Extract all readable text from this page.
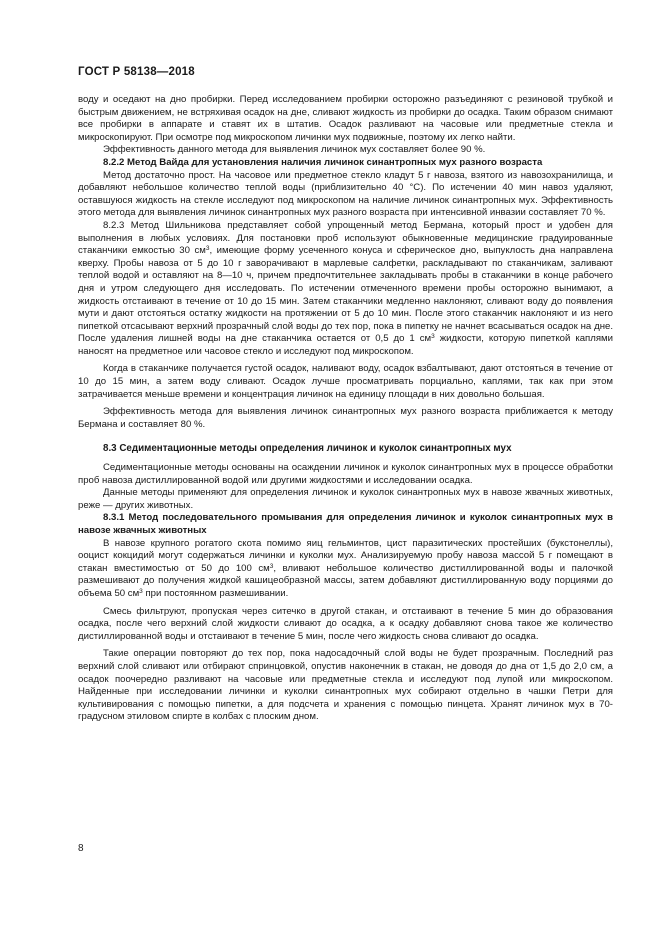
ГОСТ Р 58138—2018

воду и оседают на дно пробирки. Перед исследованием пробирки осторожно разъединяют с резиновой трубкой и быстрым движением, не встряхивая осадок на дне, сливают жидкость из пробирки до осадка. Таким образом снимают все пробирки в аппарате и ставят их в штатив. Осадок разливают на часовые или предметные стекла и микроскопируют. При осмотре под микроскопом личинки мух подвижные, поэтому их легко найти.

Эффективность данного метода для выявления личинок мух составляет более 90 %.

8.2.2 Метод Вайда для установления наличия личинок синантропных мух разного возраста

Метод достаточно прост. На часовое или предметное стекло кладут 5 г навоза, взятого из навозохранилища, и добавляют небольшое количество теплой воды (приблизительно 40 °С). По истечении 40 мин навоз удаляют, оставшуюся жидкость на стекле исследуют под микроскопом на наличие личинок синантропных мух. Эффективность этого метода для выявления личинок синантропных мух разного возраста при интенсивной инвазии составляет 70 %.

8.2.3 Метод Шильникова представляет собой упрощенный метод Бермана, который прост и удобен для выполнения в любых условиях. Для постановки проб используют обыкновенные медицинские градуированные стаканчики емкостью 30 $см^3$, имеющие форму усеченного конуса и сферическое дно, выпуклость дна направлена кверху. Пробы навоза от 5 до 10 г заворачивают в марлевые салфетки, раскладывают по стаканчикам, заливают теплой водой и оставляют на 8—10 ч, причем предпочтительнее закладывать пробы в стаканчики в конце рабочего дня и утром следующего дня исследовать. По истечении отмеченного времени пробы осторожно вынимают, а жидкость отстаивают в течение от 10 до 15 мин. Затем стаканчики медленно наклоняют, сливают воду до появления мути и дают отстояться остатку жидкости на протяжении от 5 до 10 мин. После этого стаканчик наклоняют и из него пипеткой отсасывают верхний прозрачный слой воды до тех пор, пока в пипетку не начнет всасываться осадок на дне. После удаления лишней воды на дне стаканчика остается от 0,5 до 1 $см^3$ жидкости, которую пипеткой каплями наносят на предметное или часовое стекло и исследуют под микроскопом.

Когда в стаканчике получается густой осадок, наливают воду, осадок взбалтывают, дают отстояться в течение от 10 до 15 мин, а затем воду сливают. Осадок лучше просматривать порциально, каплями, так как при этом затрачивается меньше времени и концентрация личинок на единицу площади в них довольно большая.

Эффективность метода для выявления личинок синантропных мух разного возраста приближается к методу Бермана и составляет 80 %.

8.3 Седиментационные методы определения личинок и куколок синантропных мух

Седиментационные методы основаны на осаждении личинок и куколок синантропных мух в процессе обработки проб навоза дистиллированной водой или другими жидкостями и исследовании осадка.

Данные методы применяют для определения личинок и куколок синантропных мух в навозе жвачных животных, реже — других животных.

8.3.1 Метод последовательного промывания для определения личинок и куколок синантропных мух в навозе жвачных животных

В навозе крупного рогатого скота помимо яиц гельминтов, цист паразитических простейших (букстонеллы), ооцист кокцидий могут содержаться личинки и куколки мух. Анализируемую пробу навоза массой 5 г помещают в стакан вместимостью от 50 до 100 $см^3$, вливают небольшое количество дистиллированной воды и палочкой размешивают до получения жидкой кашицеобразной массы, затем добавляют дистиллированную воду порциями до объема 50 $см^3$ при постоянном размешивании.

Смесь фильтруют, пропуская через ситечко в другой стакан, и отстаивают в течение 5 мин до образования осадка, после чего верхний слой жидкости сливают до осадка, а к осадку добавляют снова такое же количество дистиллированной воды и отстаивают в течение 5 мин, после чего жидкость снова сливают до осадка.

Такие операции повторяют до тех пор, пока надосадочный слой воды не будет прозрачным. Последний раз верхний слой сливают или отбирают спринцовкой, опустив наконечник в стакан, не доводя до дна от 1,5 до 2,0 см, а осадок поочередно разливают на часовые или предметные стекла и исследуют под лупой или микроскопом. Найденные при исследовании личинки и куколки синантропных мух собирают отдельно в чашки Петри для культивирования с помощью пипетки, а для подсчета и хранения с помощью пинцета. Хранят личинок мух в 70-градусном этиловом спирте в колбах с плоским дном.

8
